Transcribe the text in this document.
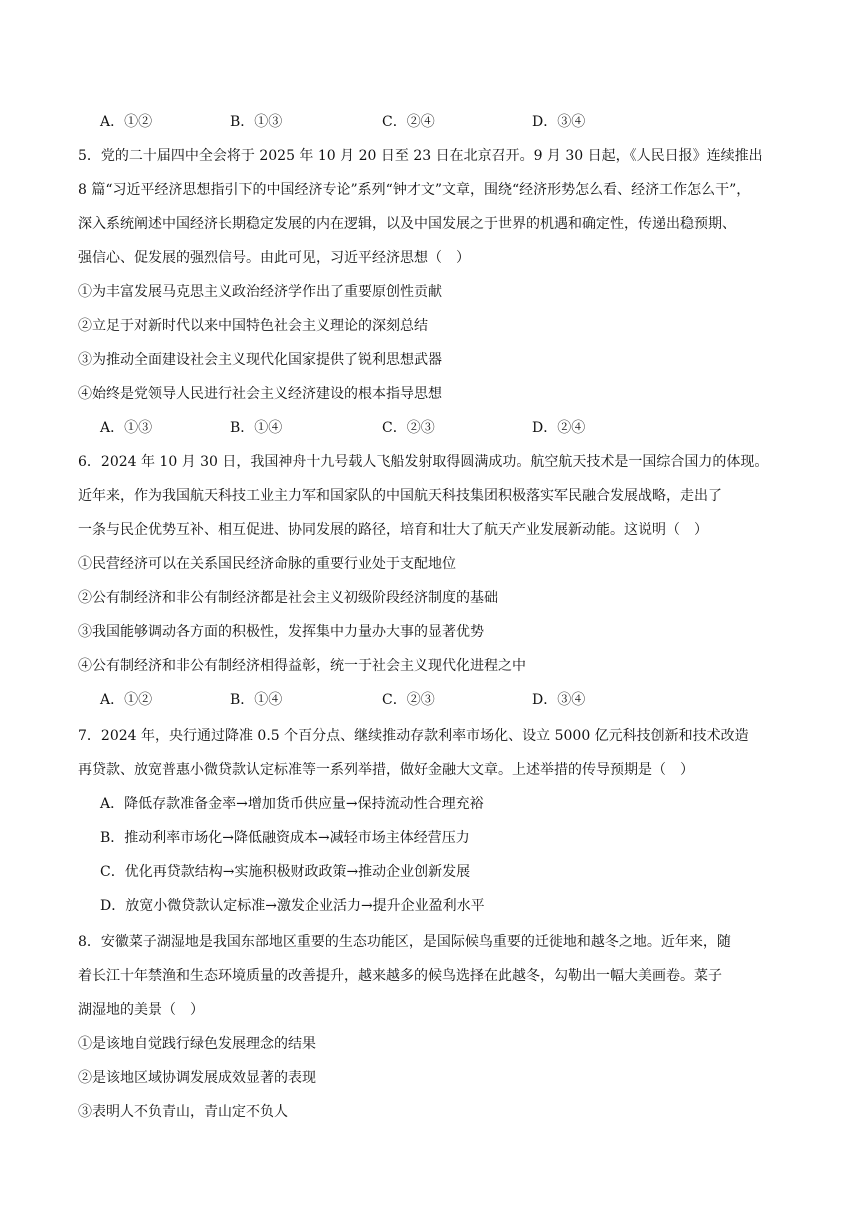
A．①②	B．①③	C．②④	D．③④
5．党的二十届四中全会将于 2025 年 10 月 20 日至 23 日在北京召开。9 月 30 日起，《人民日报》连续推出
8 篇“习近平经济思想指引下的中国经济专论”系列“钟才文”文章，围绕“经济形势怎么看、经济工作怎么干”，
深入系统阐述中国经济长期稳定发展的内在逻辑，以及中国发展之于世界的机遇和确定性，传递出稳预期、
强信心、促发展的强烈信号。由此可见，习近平经济思想（　）
①为丰富发展马克思主义政治经济学作出了重要原创性贡献
②立足于对新时代以来中国特色社会主义理论的深刻总结
③为推动全面建设社会主义现代化国家提供了锐利思想武器
④始终是党领导人民进行社会主义经济建设的根本指导思想
A．①③	B．①④	C．②③	D．②④
6．2024 年 10 月 30 日，我国神舟十九号载人飞船发射取得圆满成功。航空航天技术是一国综合国力的体现。
近年来，作为我国航天科技工业主力军和国家队的中国航天科技集团积极落实军民融合发展战略，走出了
一条与民企优势互补、相互促进、协同发展的路径，培育和壮大了航天产业发展新动能。这说明（　）
①民营经济可以在关系国民经济命脉的重要行业处于支配地位
②公有制经济和非公有制经济都是社会主义初级阶段经济制度的基础
③我国能够调动各方面的积极性，发挥集中力量办大事的显著优势
④公有制经济和非公有制经济相得益彰，统一于社会主义现代化进程之中
A．①②	B．①④	C．②③	D．③④
7．2024 年，央行通过降准 0.5 个百分点、继续推动存款利率市场化、设立 5000 亿元科技创新和技术改造
再贷款、放宽普惠小微贷款认定标准等一系列举措，做好金融大文章。上述举措的传导预期是（　）
A．降低存款准备金率→增加货币供应量→保持流动性合理充裕
B．推动利率市场化→降低融资成本→减轻市场主体经营压力
C．优化再贷款结构→实施积极财政政策→推动企业创新发展
D．放宽小微贷款认定标准→激发企业活力→提升企业盈利水平
8．安徽菜子湖湿地是我国东部地区重要的生态功能区，是国际候鸟重要的迁徙地和越冬之地。近年来，随
着长江十年禁渔和生态环境质量的改善提升，越来越多的候鸟选择在此越冬，勾勒出一幅大美画卷。菜子
湖湿地的美景（　）
①是该地自觉践行绿色发展理念的结果
②是该地区域协调发展成效显著的表现
③表明人不负青山，青山定不负人
